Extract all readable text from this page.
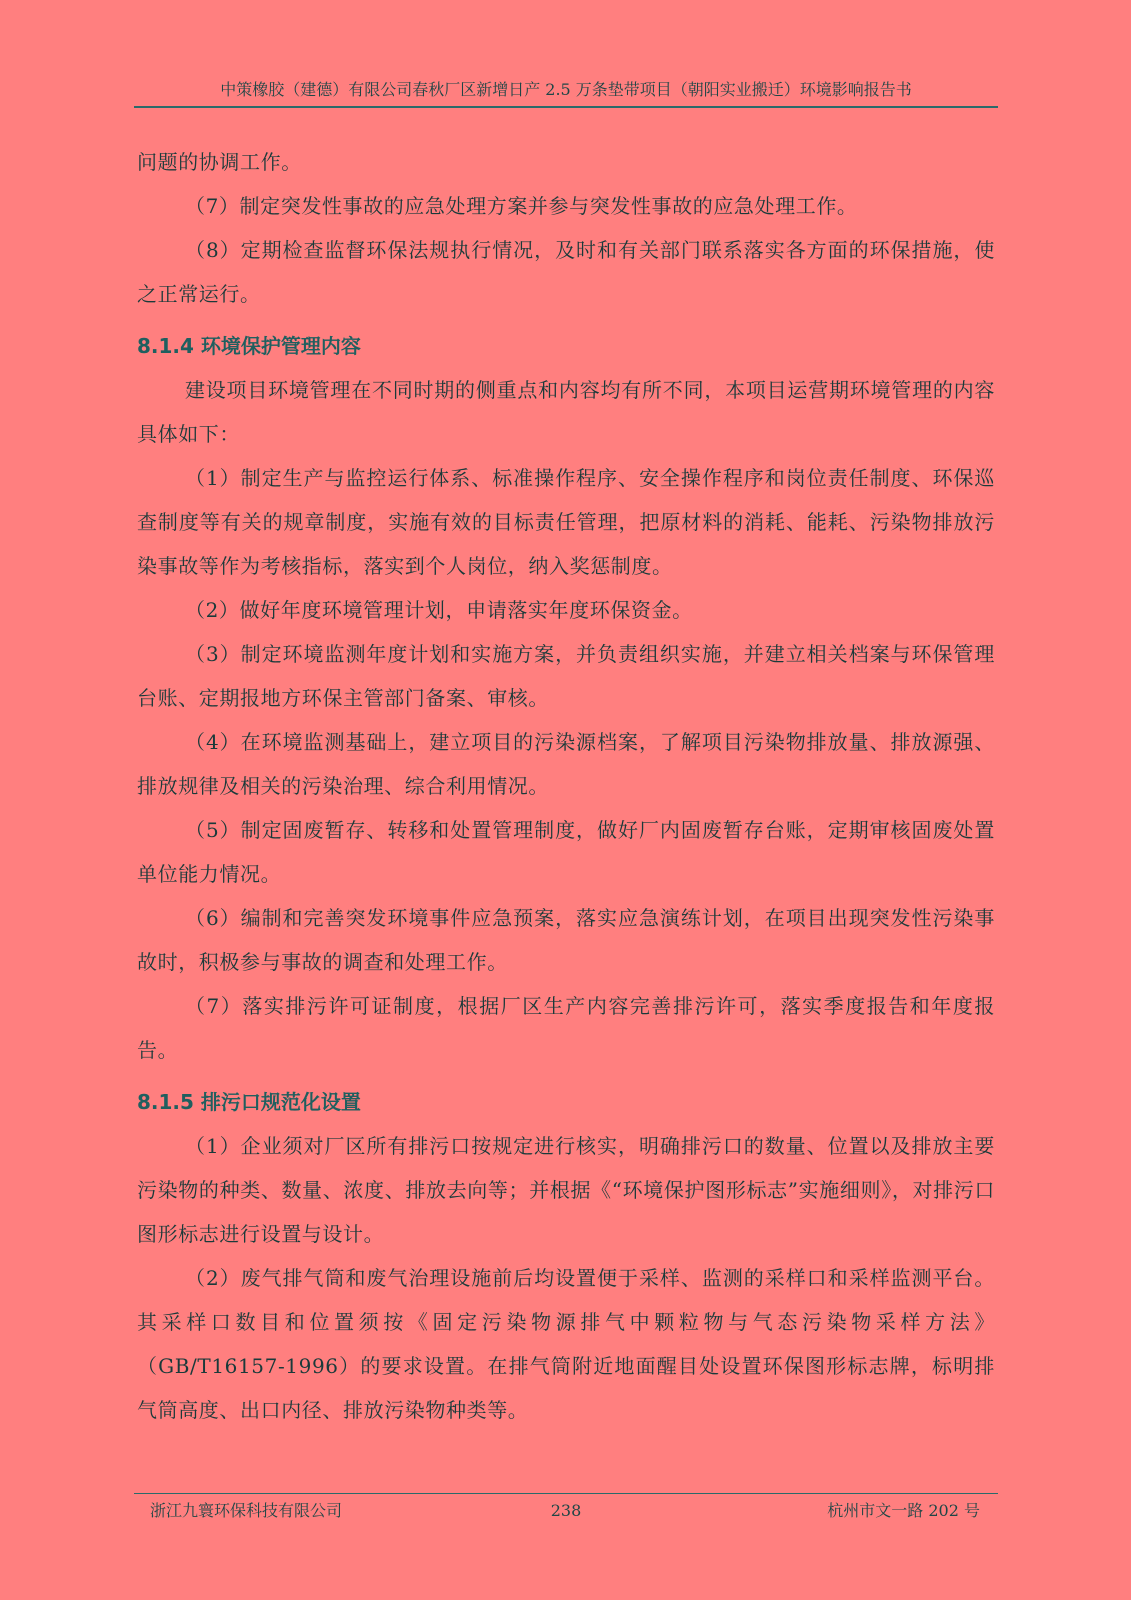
中策橡胶（建德）有限公司春秋厂区新增日产 2.5 万条垫带项目（朝阳实业搬迁）环境影响报告书

问题的协调工作。

（7）制定突发性事故的应急处理方案并参与突发性事故的应急处理工作。

（8）定期检查监督环保法规执行情况，及时和有关部门联系落实各方面的环保措施，使之正常运行。

8.1.4 环境保护管理内容

建设项目环境管理在不同时期的侧重点和内容均有所不同，本项目运营期环境管理的内容具体如下：

（1）制定生产与监控运行体系、标准操作程序、安全操作程序和岗位责任制度、环保巡查制度等有关的规章制度，实施有效的目标责任管理，把原材料的消耗、能耗、污染物排放污染事故等作为考核指标，落实到个人岗位，纳入奖惩制度。

（2）做好年度环境管理计划，申请落实年度环保资金。

（3）制定环境监测年度计划和实施方案，并负责组织实施，并建立相关档案与环保管理台账、定期报地方环保主管部门备案、审核。

（4）在环境监测基础上，建立项目的污染源档案，了解项目污染物排放量、排放源强、排放规律及相关的污染治理、综合利用情况。

（5）制定固废暂存、转移和处置管理制度，做好厂内固废暂存台账，定期审核固废处置单位能力情况。

（6）编制和完善突发环境事件应急预案，落实应急演练计划，在项目出现突发性污染事故时，积极参与事故的调查和处理工作。

（7）落实排污许可证制度，根据厂区生产内容完善排污许可，落实季度报告和年度报告。

8.1.5 排污口规范化设置

（1）企业须对厂区所有排污口按规定进行核实，明确排污口的数量、位置以及排放主要污染物的种类、数量、浓度、排放去向等；并根据《“环境保护图形标志”实施细则》，对排污口图形标志进行设置与设计。

（2）废气排气筒和废气治理设施前后均设置便于采样、监测的采样口和采样监测平台。其采样口数目和位置须按《固定污染物源排气中颗粒物与气态污染物采样方法》（GB/T16157-1996）的要求设置。在排气筒附近地面醒目处设置环保图形标志牌，标明排气筒高度、出口内径、排放污染物种类等。

浙江九寰环保科技有限公司	238	杭州市文一路 202 号
